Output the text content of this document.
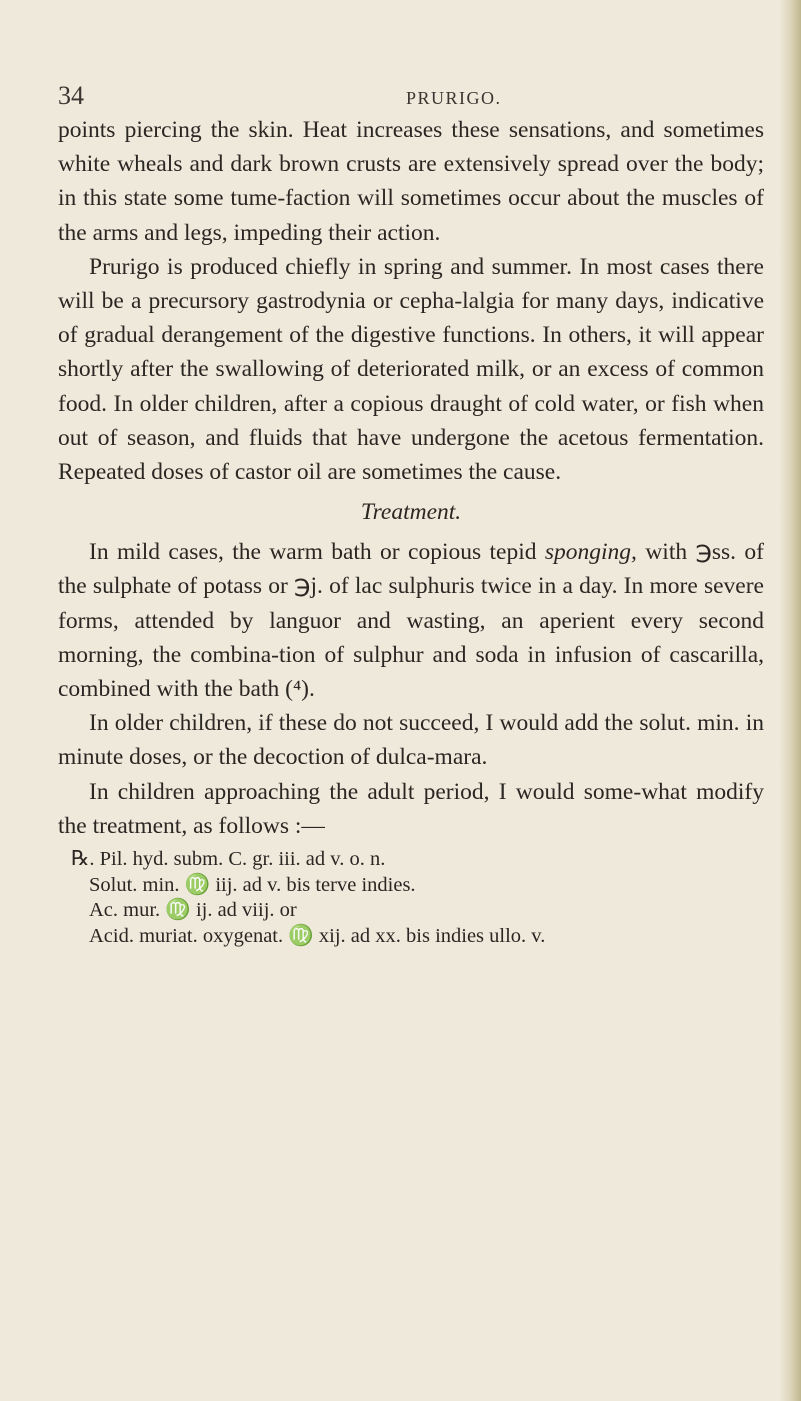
34	PRURIGO.

points piercing the skin. Heat increases these sensations, and sometimes white wheals and dark brown crusts are extensively spread over the body; in this state some tume-faction will sometimes occur about the muscles of the arms and legs, impeding their action.

Prurigo is produced chiefly in spring and summer. In most cases there will be a precursory gastrodynia or cepha-lalgia for many days, indicative of gradual derangement of the digestive functions. In others, it will appear shortly after the swallowing of deteriorated milk, or an excess of common food. In older children, after a copious draught of cold water, or fish when out of season, and fluids that have undergone the acetous fermentation. Repeated doses of castor oil are sometimes the cause.

Treatment.

In mild cases, the warm bath or copious tepid sponging, with ℈ss. of the sulphate of potass or ℈j. of lac sulphuris twice in a day. In more severe forms, attended by languor and wasting, an aperient every second morning, the combina-tion of sulphur and soda in infusion of cascarilla, combined with the bath (⁴).

In older children, if these do not succeed, I would add the solut. min. in minute doses, or the decoction of dulca-mara.

In children approaching the adult period, I would some-what modify the treatment, as follows :—

℞. Pil. hyd. subm. C. gr. iii. ad v. o. n.
Solut. min. ♍ iij. ad v. bis terve indies.
Ac. mur. ♍ ij. ad viij. or
Acid. muriat. oxygenat. ♍ xij. ad xx. bis indies ullo. v.
